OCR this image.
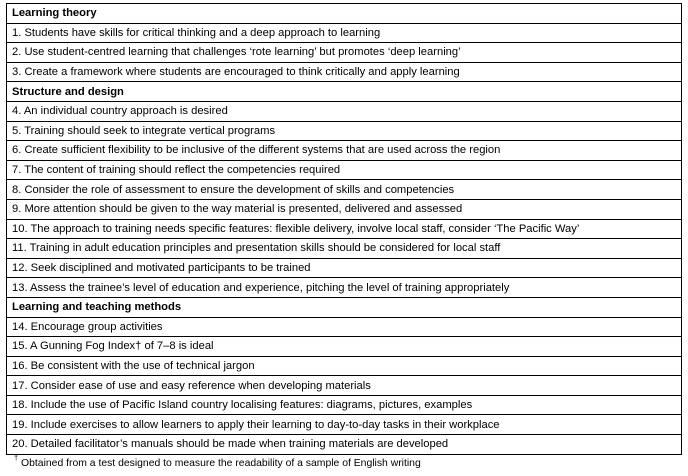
Learning theory
1. Students have skills for critical thinking and a deep approach to learning
2. Use student-centred learning that challenges ‘rote learning’ but promotes ‘deep learning’
3. Create a framework where students are encouraged to think critically and apply learning
Structure and design
4. An individual country approach is desired
5. Training should seek to integrate vertical programs
6. Create sufficient flexibility to be inclusive of the different systems that are used across the region
7. The content of training should reflect the competencies required
8. Consider the role of assessment to ensure the development of skills and competencies
9. More attention should be given to the way material is presented, delivered and assessed
10. The approach to training needs specific features: flexible delivery, involve local staff, consider ‘The Pacific Way’
11. Training in adult education principles and presentation skills should be considered for local staff
12. Seek disciplined and motivated participants to be trained
13. Assess the trainee’s level of education and experience, pitching the level of training appropriately
Learning and teaching methods
14. Encourage group activities
15. A Gunning Fog Index† of 7–8 is ideal
16. Be consistent with the use of technical jargon
17. Consider ease of use and easy reference when developing materials
18. Include the use of Pacific Island country localising features: diagrams, pictures, examples
19. Include exercises to allow learners to apply their learning to day-to-day tasks in their workplace
20. Detailed facilitator’s manuals should be made when training materials are developed
† Obtained from a test designed to measure the readability of a sample of English writing
